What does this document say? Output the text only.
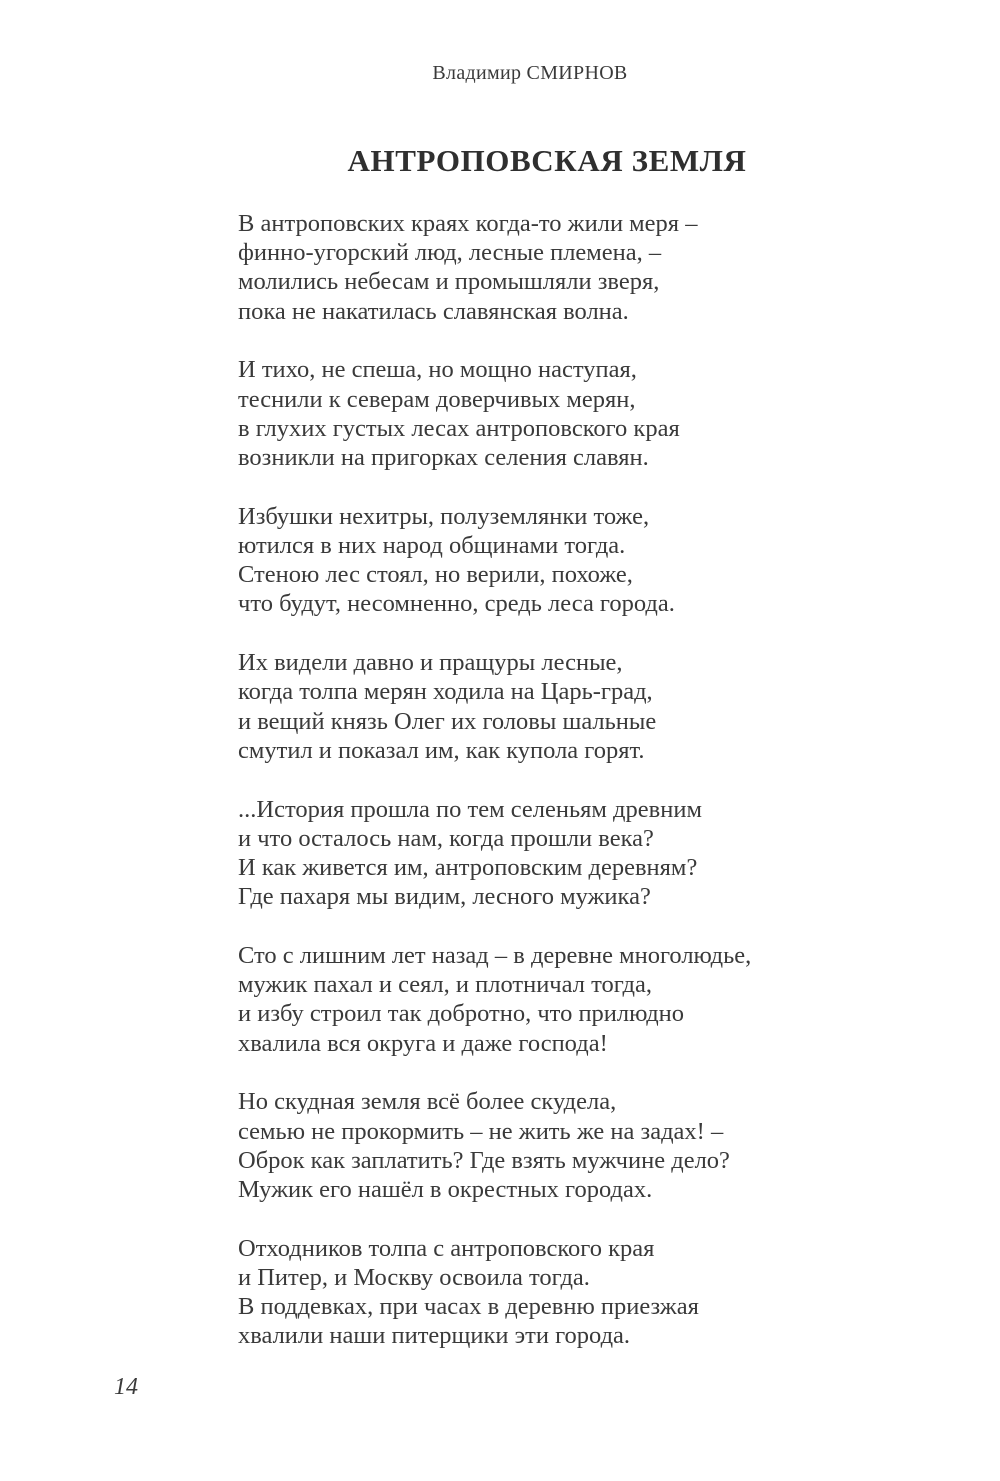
Владимир СМИРНОВ
АНТРОПОВСКАЯ ЗЕМЛЯ
В антроповских краях когда-то жили меря –
финно-угорский люд, лесные племена, –
молились небесам и промышляли зверя,
пока не накатилась славянская волна.
И тихо, не спеша, но мощно наступая,
теснили к северам доверчивых мерян,
в глухих густых лесах антроповского края
возникли на пригорках селения славян.
Избушки нехитры, полуземлянки тоже,
ютился в них народ общинами тогда.
Стеною лес стоял, но верили, похоже,
что будут, несомненно, средь леса города.
Их видели давно и пращуры лесные,
когда толпа мерян ходила на Царь-град,
и вещий князь Олег их головы шальные
смутил и показал им, как купола горят.
...История прошла по тем селеньям древним
и что осталось нам, когда прошли века?
И как живется им, антроповским деревням?
Где пахаря мы видим, лесного мужика?
Сто с лишним лет назад – в деревне многолюдье,
мужик пахал и сеял, и плотничал тогда,
и избу строил так добротно, что прилюдно
хвалила вся округа и даже господа!
Но скудная земля всё более скудела,
семью не прокормить – не жить же на задах! –
Оброк как заплатить? Где взять мужчине дело?
Мужик его нашёл в окрестных городах.
Отходников толпа с антроповского края
и Питер, и Москву освоила тогда.
В поддевках, при часах в деревню приезжая
хвалили наши питерщики эти города.
14
